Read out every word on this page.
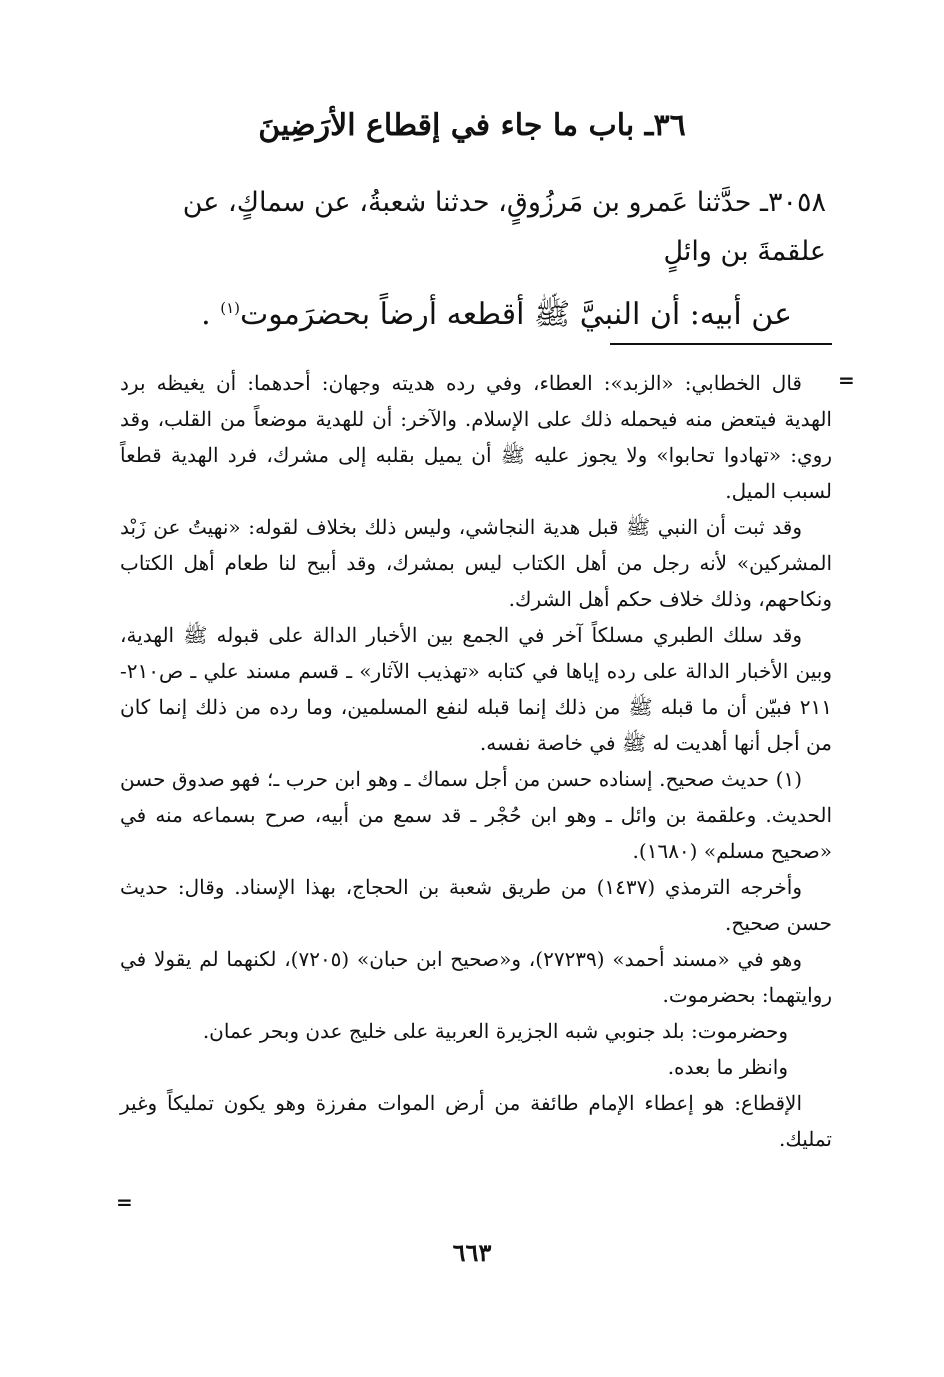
٣٦ـ باب ما جاء في إقطاع الأرَضِينَ

٣٠٥٨ـ حدَّثنا عَمرو بن مَرزُوقٍ، حدثنا شعبةُ، عن سماكٍ، عن علقمةَ بن وائلٍ

عن أبيه: أن النبيَّ ﷺ أقطعه أرضاً بحضرَموت$^{(١)}$ .

=

قال الخطابي: «الزبد»: العطاء، وفي رده هديته وجهان: أحدهما: أن يغيظه برد الهدية فيتعض منه فيحمله ذلك على الإسلام. والآخر: أن للهدية موضعاً من القلب، وقد روي: «تهادوا تحابوا» ولا يجوز عليه ﷺ أن يميل بقلبه إلى مشرك، فرد الهدية قطعاً لسبب الميل.

وقد ثبت أن النبي ﷺ قبل هدية النجاشي، وليس ذلك بخلاف لقوله: «نهيتُ عن زَبْد المشركين» لأنه رجل من أهل الكتاب ليس بمشرك، وقد أبيح لنا طعام أهل الكتاب ونكاحهم، وذلك خلاف حكم أهل الشرك.

وقد سلك الطبري مسلكاً آخر في الجمع بين الأخبار الدالة على قبوله ﷺ الهدية، وبين الأخبار الدالة على رده إياها في كتابه «تهذيب الآثار» ـ قسم مسند علي ـ ص٢١٠- ٢١١ فبيّن أن ما قبله ﷺ من ذلك إنما قبله لنفع المسلمين، وما رده من ذلك إنما كان من أجل أنها أهديت له ﷺ في خاصة نفسه.

(١) حديث صحيح. إسناده حسن من أجل سماك ـ وهو ابن حرب ـ؛ فهو صدوق حسن الحديث. وعلقمة بن وائل ـ وهو ابن حُجْر ـ قد سمع من أبيه، صرح بسماعه منه في «صحيح مسلم» (١٦٨٠).

وأخرجه الترمذي (١٤٣٧) من طريق شعبة بن الحجاج، بهذا الإسناد. وقال: حديث حسن صحيح.

وهو في «مسند أحمد» (٢٧٢٣٩)، و«صحيح ابن حبان» (٧٢٠٥)، لكنهما لم يقولا في روايتهما: بحضرموت.

وحضرموت: بلد جنوبي شبه الجزيرة العربية على خليج عدن وبحر عمان.

وانظر ما بعده.

الإقطاع: هو إعطاء الإمام طائفة من أرض الموات مفرزة وهو يكون تمليكاً وغير تمليك.

=
٦٦٣
